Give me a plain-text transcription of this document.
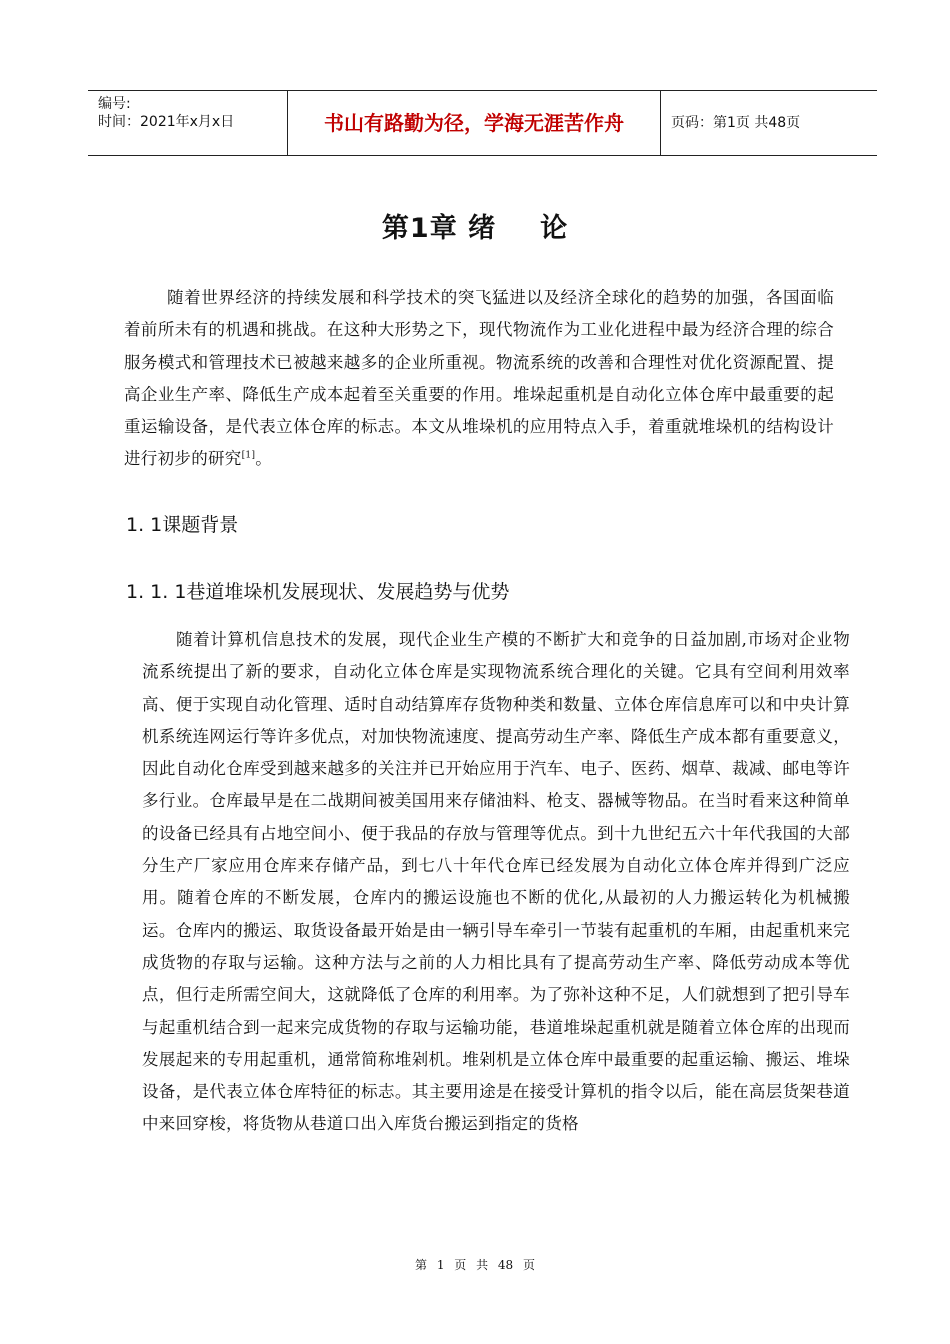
编号:
时间：2021年x月x日	书山有路勤为径，学海无涯苦作舟	页码：第1页 共48页
第1章 绪 论

随着世界经济的持续发展和科学技术的突飞猛进以及经济全球化的趋势的加强，各国面临着前所未有的机遇和挑战。在这种大形势之下，现代物流作为工业化进程中最为经济合理的综合服务模式和管理技术已被越来越多的企业所重视。物流系统的改善和合理性对优化资源配置、提高企业生产率、降低生产成本起着至关重要的作用。堆垛起重机是自动化立体仓库中最重要的起重运输设备，是代表立体仓库的标志。本文从堆垛机的应用特点入手，着重就堆垛机的结构设计进行初步的研究[1]。

1. 1课题背景
1. 1. 1巷道堆垛机发展现状、发展趋势与优势

随着计算机信息技术的发展，现代企业生产模的不断扩大和竞争的日益加剧,市场对企业物流系统提出了新的要求，自动化立体仓库是实现物流系统合理化的关键。它具有空间利用效率高、便于实现自动化管理、适时自动结算库存货物种类和数量、立体仓库信息库可以和中央计算机系统连网运行等许多优点，对加快物流速度、提高劳动生产率、降低生产成本都有重要意义，因此自动化仓库受到越来越多的关注并已开始应用于汽车、电子、医药、烟草、裁减、邮电等许多行业。仓库最早是在二战期间被美国用来存储油料、枪支、器械等物品。在当时看来这种简单的设备已经具有占地空间小、便于我品的存放与管理等优点。到十九世纪五六十年代我国的大部分生产厂家应用仓库来存储产品，到七八十年代仓库已经发展为自动化立体仓库并得到广泛应用。随着仓库的不断发展，仓库内的搬运设施也不断的优化,从最初的人力搬运转化为机械搬运。仓库内的搬运、取货设备最开始是由一辆引导车牵引一节装有起重机的车厢，由起重机来完成货物的存取与运输。这种方法与之前的人力相比具有了提高劳动生产率、降低劳动成本等优点，但行走所需空间大，这就降低了仓库的利用率。为了弥补这种不足，人们就想到了把引导车与起重机结合到一起来完成货物的存取与运输功能，巷道堆垛起重机就是随着立体仓库的出现而发展起来的专用起重机，通常简称堆剁机。堆剁机是立体仓库中最重要的起重运输、搬运、堆垛设备，是代表立体仓库特征的标志。其主要用途是在接受计算机的指令以后，能在高层货架巷道中来回穿梭，将货物从巷道口出入库货台搬运到指定的货格

第 1 页 共 48 页
